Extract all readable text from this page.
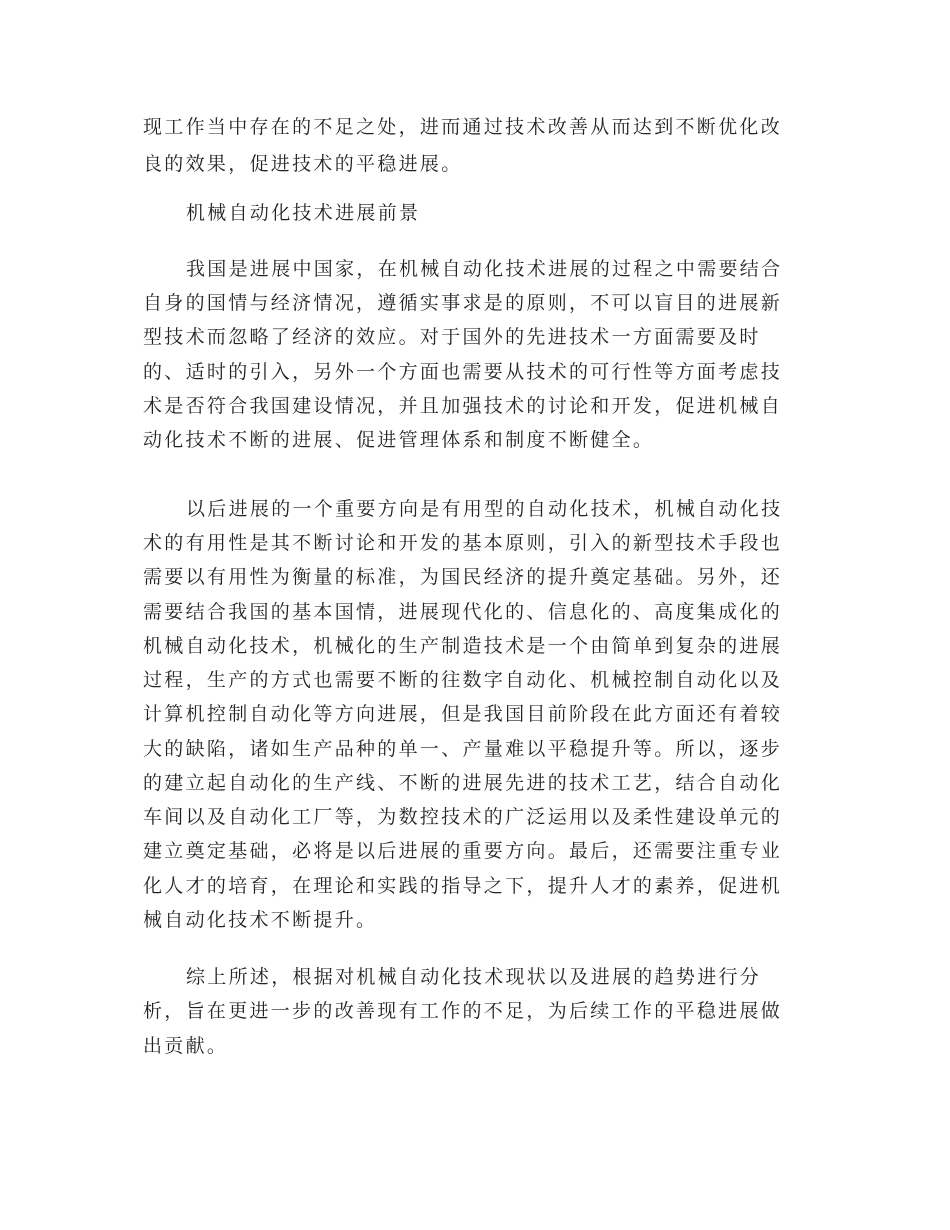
现工作当中存在的不足之处，进而通过技术改善从而达到不断优化改
良的效果，促进技术的平稳进展。
机械自动化技术进展前景
我国是进展中国家，在机械自动化技术进展的过程之中需要结合
自身的国情与经济情况，遵循实事求是的原则，不可以盲目的进展新
型技术而忽略了经济的效应。对于国外的先进技术一方面需要及时
的、适时的引入，另外一个方面也需要从技术的可行性等方面考虑技
术是否符合我国建设情况，并且加强技术的讨论和开发，促进机械自
动化技术不断的进展、促进管理体系和制度不断健全。
以后进展的一个重要方向是有用型的自动化技术，机械自动化技
术的有用性是其不断讨论和开发的基本原则，引入的新型技术手段也
需要以有用性为衡量的标准，为国民经济的提升奠定基础。另外，还
需要结合我国的基本国情，进展现代化的、信息化的、高度集成化的
机械自动化技术，机械化的生产制造技术是一个由简单到复杂的进展
过程，生产的方式也需要不断的往数字自动化、机械控制自动化以及
计算机控制自动化等方向进展，但是我国目前阶段在此方面还有着较
大的缺陷，诸如生产品种的单一、产量难以平稳提升等。所以，逐步
的建立起自动化的生产线、不断的进展先进的技术工艺，结合自动化
车间以及自动化工厂等，为数控技术的广泛运用以及柔性建设单元的
建立奠定基础，必将是以后进展的重要方向。最后，还需要注重专业
化人才的培育，在理论和实践的指导之下，提升人才的素养，促进机
械自动化技术不断提升。
综上所述，根据对机械自动化技术现状以及进展的趋势进行分
析，旨在更进一步的改善现有工作的不足，为后续工作的平稳进展做
出贡献。
